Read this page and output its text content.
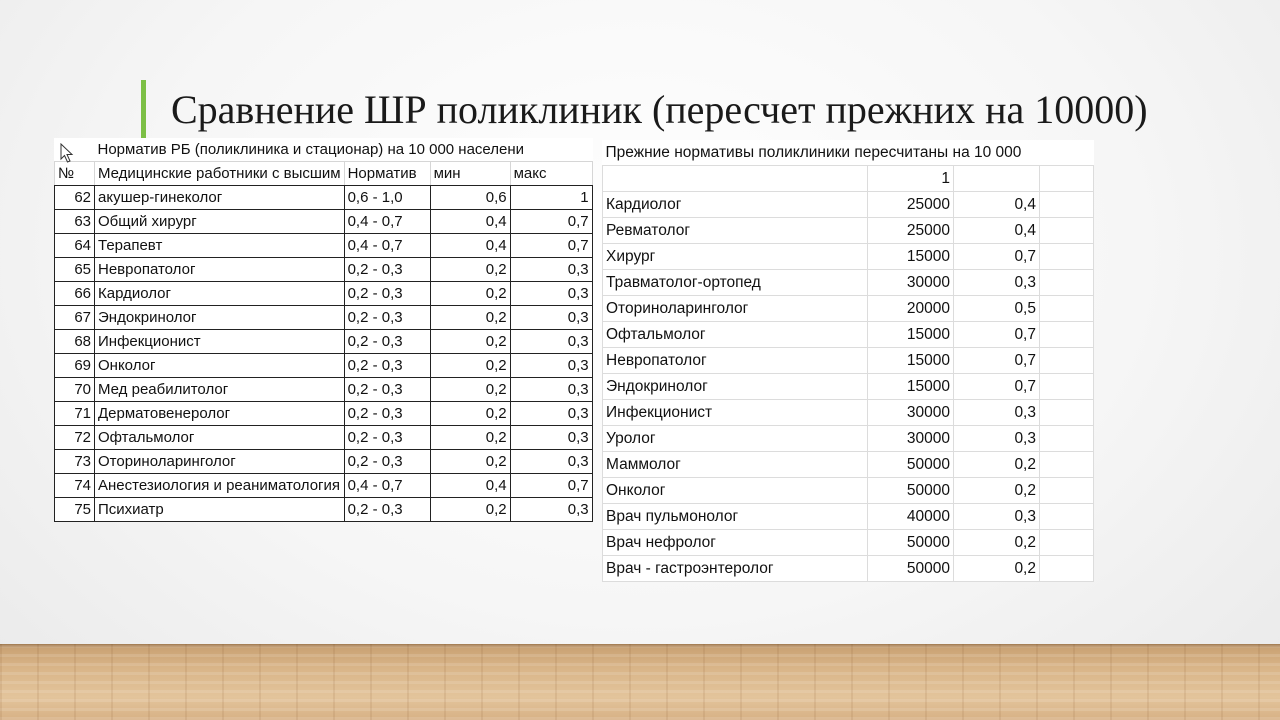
Сравнение ШР поликлиник (пересчет прежних на 10000)
	Норматив РБ (поликлиника и стационар) на 10 000 населени			
№	Медицинские работники с высшим	Норматив	мин	макс
62	акушер-гинеколог	0,6 - 1,0	0,6	1
63	Общий хирург	0,4 - 0,7	0,4	0,7
64	Терапевт	0,4 - 0,7	0,4	0,7
65	Невропатолог	0,2 - 0,3	0,2	0,3
66	Кардиолог	0,2 - 0,3	0,2	0,3
67	Эндокринолог	0,2 - 0,3	0,2	0,3
68	Инфекционист	0,2 - 0,3	0,2	0,3
69	Онколог	0,2 - 0,3	0,2	0,3
70	Мед реабилитолог	0,2 - 0,3	0,2	0,3
71	Дерматовенеролог	0,2 - 0,3	0,2	0,3
72	Офтальмолог	0,2 - 0,3	0,2	0,3
73	Оториноларинголог	0,2 - 0,3	0,2	0,3
74	Анестезиология и реаниматология	0,4 - 0,7	0,4	0,7
75	Психиатр	0,2 - 0,3	0,2	0,3
Прежние нормативы поликлиники пересчитаны на 10 000			
	1		
Кардиолог	25000	0,4	
Ревматолог	25000	0,4	
Хирург	15000	0,7	
Травматолог-ортопед	30000	0,3	
Оториноларинголог	20000	0,5	
Офтальмолог	15000	0,7	
Невропатолог	15000	0,7	
Эндокринолог	15000	0,7	
Инфекционист	30000	0,3	
Уролог	30000	0,3	
Маммолог	50000	0,2	
Онколог	50000	0,2	
Врач пульмонолог	40000	0,3	
Врач нефролог	50000	0,2	
Врач - гастроэнтеролог	50000	0,2	
